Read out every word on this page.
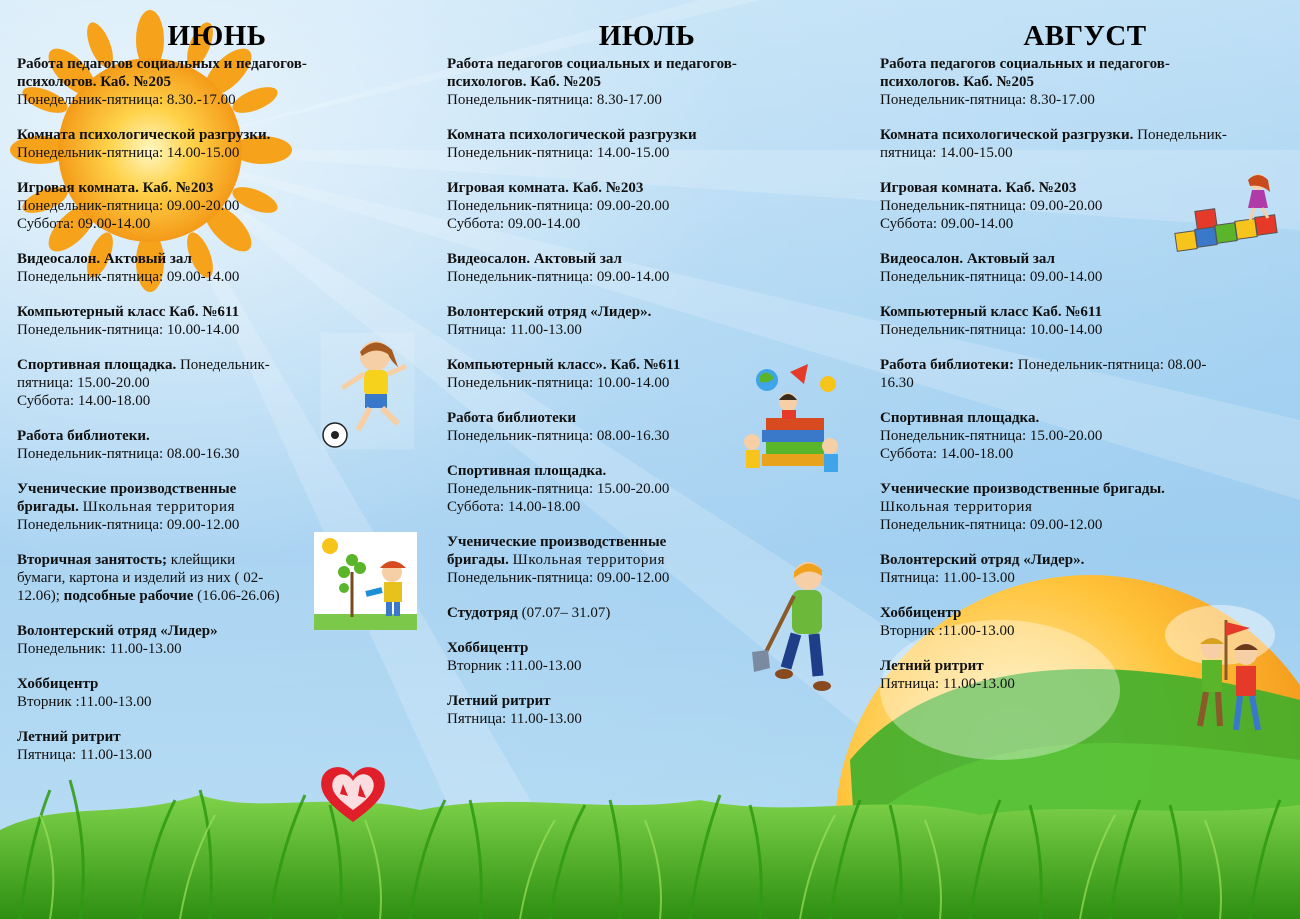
ИЮНЬ
Работа педагогов социальных и педагогов-психологов. Каб. №205
Понедельник-пятница: 8.30.-17.00
Комната психологической разгрузки.
Понедельник-пятница: 14.00-15.00
Игровая комната. Каб. №203
Понедельник-пятница: 09.00-20.00
Суббота: 09.00-14.00
Видеосалон. Актовый зал
Понедельник-пятница: 09.00-14.00
Компьютерный класс Каб. №611
Понедельник-пятница: 10.00-14.00
Спортивная площадка. Понедельник-пятница: 15.00-20.00
Суббота: 14.00-18.00
Работа библиотеки.
Понедельник-пятница: 08.00-16.30
Ученические производственные бригады. Школьная территория
Понедельник-пятница: 09.00-12.00
Вторичная занятость; клейщики бумаги, картона и изделий из них ( 02-12.06); подсобные рабочие (16.06-26.06)
Волонтерский отряд «Лидер»
Понедельник: 11.00-13.00
Хоббицентр
Вторник :11.00-13.00
Летний ритрит
Пятница: 11.00-13.00
ИЮЛЬ
Работа педагогов социальных и педагогов-психологов. Каб. №205
Понедельник-пятница: 8.30-17.00
Комната психологической разгрузки
Понедельник-пятница: 14.00-15.00
Игровая комната. Каб. №203
Понедельник-пятница: 09.00-20.00
Суббота: 09.00-14.00
Видеосалон. Актовый зал
Понедельник-пятница: 09.00-14.00
Волонтерский отряд «Лидер».
Пятница: 11.00-13.00
Компьютерный класс». Каб. №611
Понедельник-пятница: 10.00-14.00
Работа библиотеки
Понедельник-пятница: 08.00-16.30
Спортивная площадка.
Понедельник-пятница: 15.00-20.00
Суббота: 14.00-18.00
Ученические производственные бригады. Школьная территория
Понедельник-пятница: 09.00-12.00
Студотряд (07.07– 31.07)
Хоббицентр
Вторник :11.00-13.00
Летний ритрит
Пятница: 11.00-13.00
АВГУСТ
Работа педагогов социальных и педагогов-психологов. Каб. №205
Понедельник-пятница: 8.30-17.00
Комната психологической разгрузки. Понедельник-пятница: 14.00-15.00
Игровая комната. Каб. №203
Понедельник-пятница: 09.00-20.00
Суббота: 09.00-14.00
Видеосалон. Актовый зал
Понедельник-пятница: 09.00-14.00
Компьютерный класс Каб. №611
Понедельник-пятница: 10.00-14.00
Работа библиотеки: Понедельник-пятница: 08.00-16.30
Спортивная площадка.
Понедельник-пятница: 15.00-20.00
Суббота: 14.00-18.00
Ученические производственные бригады.
Школьная территория
Понедельник-пятница: 09.00-12.00
Волонтерский отряд «Лидер».
Пятница: 11.00-13.00
Хоббицентр
Вторник :11.00-13.00
Летний ритрит
Пятница: 11.00-13.00
